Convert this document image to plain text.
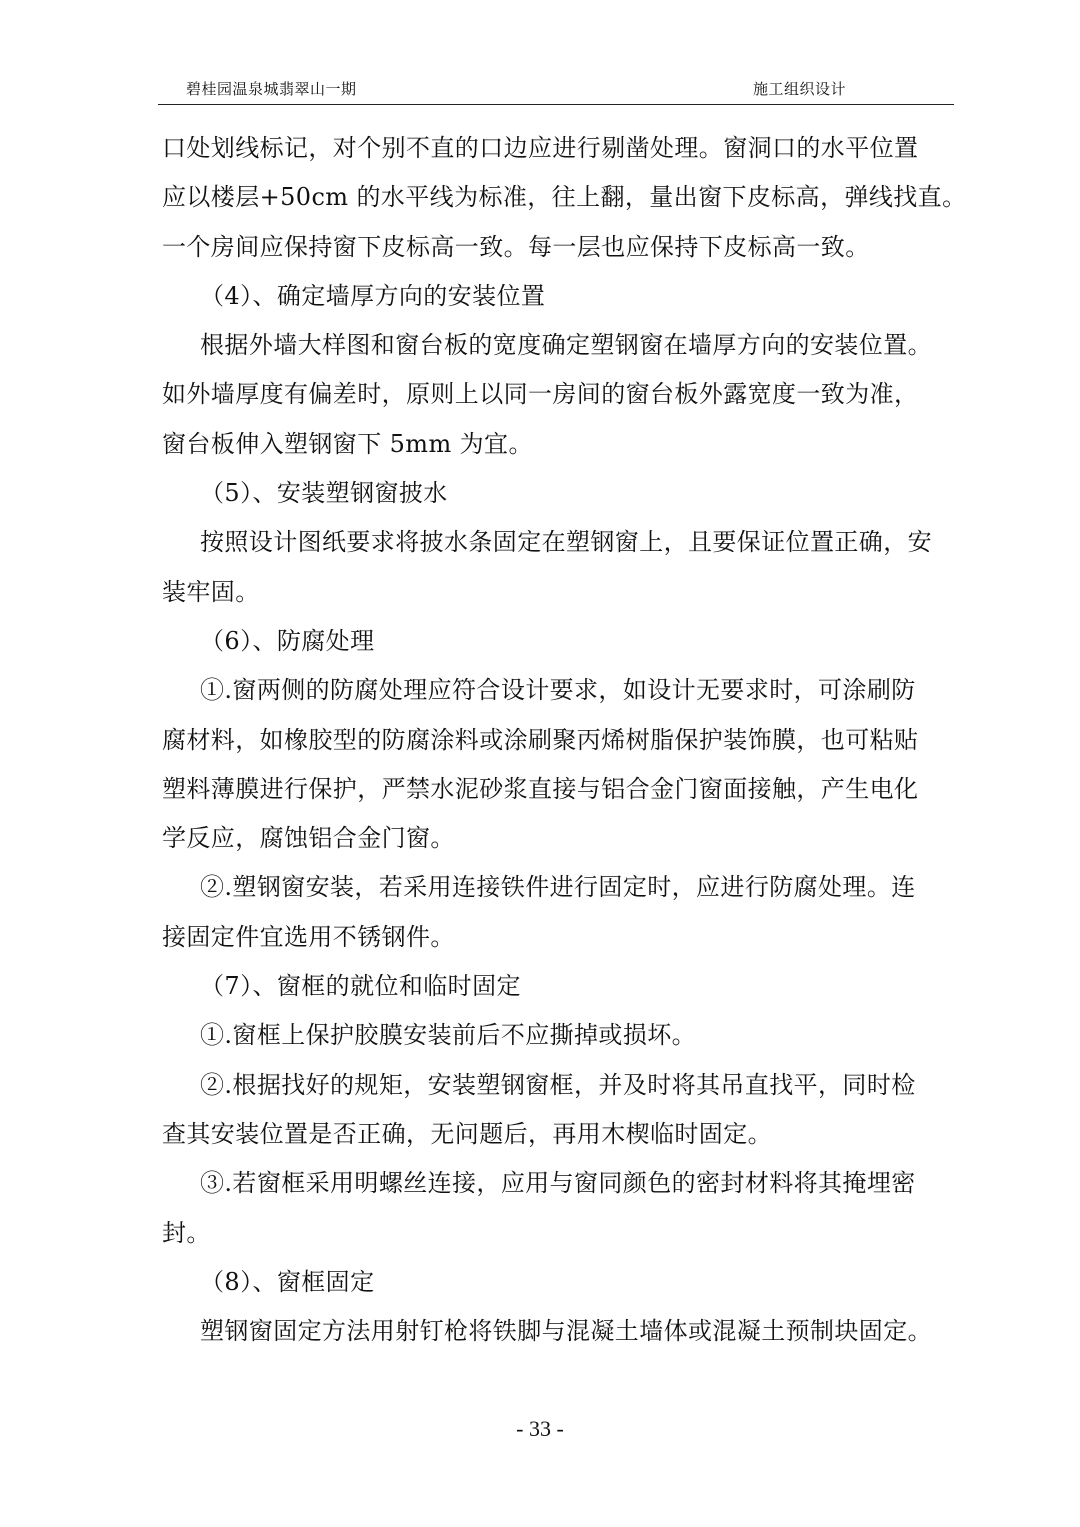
碧桂园温泉城翡翠山一期	施工组织设计
口处划线标记，对个别不直的口边应进行剔凿处理。窗洞口的水平位置
应以楼层+50cm 的水平线为标准，往上翻，量出窗下皮标高，弹线找直。
一个房间应保持窗下皮标高一致。每一层也应保持下皮标高一致。
（4）、确定墙厚方向的安装位置
根据外墙大样图和窗台板的宽度确定塑钢窗在墙厚方向的安装位置。
如外墙厚度有偏差时，原则上以同一房间的窗台板外露宽度一致为准，
窗台板伸入塑钢窗下 5mm 为宜。
（5）、安装塑钢窗披水
按照设计图纸要求将披水条固定在塑钢窗上，且要保证位置正确，安
装牢固。
（6）、防腐处理
①.窗两侧的防腐处理应符合设计要求，如设计无要求时，可涂刷防
腐材料，如橡胶型的防腐涂料或涂刷聚丙烯树脂保护装饰膜，也可粘贴
塑料薄膜进行保护，严禁水泥砂浆直接与铝合金门窗面接触，产生电化
学反应，腐蚀铝合金门窗。
②.塑钢窗安装，若采用连接铁件进行固定时，应进行防腐处理。连
接固定件宜选用不锈钢件。
（7）、窗框的就位和临时固定
①.窗框上保护胶膜安装前后不应撕掉或损坏。
②.根据找好的规矩，安装塑钢窗框，并及时将其吊直找平，同时检
查其安装位置是否正确，无问题后，再用木楔临时固定。
③.若窗框采用明螺丝连接，应用与窗同颜色的密封材料将其掩埋密
封。
（8）、窗框固定
塑钢窗固定方法用射钉枪将铁脚与混凝土墙体或混凝土预制块固定。
- 33 -
